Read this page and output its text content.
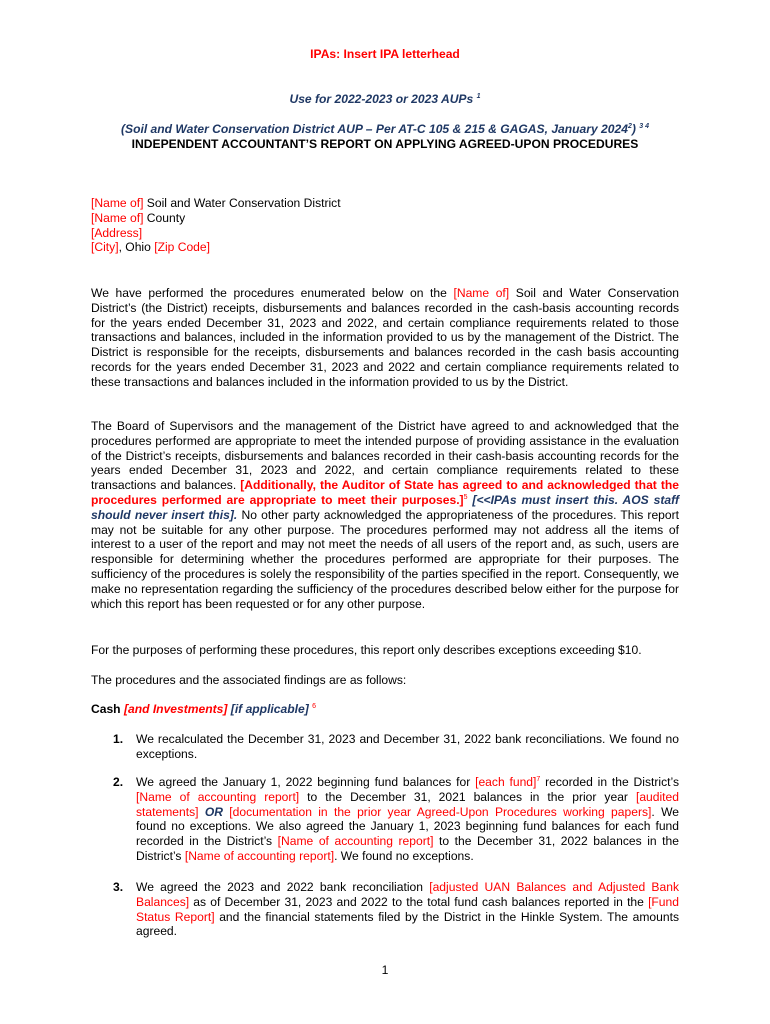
IPAs: Insert IPA letterhead
Use for 2022-2023 or 2023 AUPs $^1$
(Soil and Water Conservation District AUP – Per AT-C 105 & 215 & GAGAS, January 2024$^2$) $^{3 4}$
INDEPENDENT ACCOUNTANT’S REPORT ON APPLYING AGREED-UPON PROCEDURES
[Name of] Soil and Water Conservation District
[Name of] County
[Address]
[City], Ohio [Zip Code]
We have performed the procedures enumerated below on the [Name of] Soil and Water Conservation District’s (the District) receipts, disbursements and balances recorded in the cash-basis accounting records for the years ended December 31, 2023 and 2022, and certain compliance requirements related to those transactions and balances, included in the information provided to us by the management of the District. The District is responsible for the receipts, disbursements and balances recorded in the cash basis accounting records for the years ended December 31, 2023 and 2022 and certain compliance requirements related to these transactions and balances included in the information provided to us by the District.
The Board of Supervisors and the management of the District have agreed to and acknowledged that the procedures performed are appropriate to meet the intended purpose of providing assistance in the evaluation of the District’s receipts, disbursements and balances recorded in their cash-basis accounting records for the years ended December 31, 2023 and 2022, and certain compliance requirements related to these transactions and balances. [Additionally, the Auditor of State has agreed to and acknowledged that the procedures performed are appropriate to meet their purposes.]$^5$ [<<IPAs must insert this. AOS staff should never insert this]. No other party acknowledged the appropriateness of the procedures. This report may not be suitable for any other purpose. The procedures performed may not address all the items of interest to a user of the report and may not meet the needs of all users of the report and, as such, users are responsible for determining whether the procedures performed are appropriate for their purposes. The sufficiency of the procedures is solely the responsibility of the parties specified in the report. Consequently, we make no representation regarding the sufficiency of the procedures described below either for the purpose for which this report has been requested or for any other purpose.
For the purposes of performing these procedures, this report only describes exceptions exceeding $10.
The procedures and the associated findings are as follows:
Cash [and Investments] [if applicable] $^6$
1. We recalculated the December 31, 2023 and December 31, 2022 bank reconciliations. We found no exceptions.
2. We agreed the January 1, 2022 beginning fund balances for [each fund]$^7$ recorded in the District’s [Name of accounting report] to the December 31, 2021 balances in the prior year [audited statements] OR [documentation in the prior year Agreed-Upon Procedures working papers]. We found no exceptions. We also agreed the January 1, 2023 beginning fund balances for each fund recorded in the District’s [Name of accounting report] to the December 31, 2022 balances in the District’s [Name of accounting report]. We found no exceptions.
3. We agreed the 2023 and 2022 bank reconciliation [adjusted UAN Balances and Adjusted Bank Balances] as of December 31, 2023 and 2022 to the total fund cash balances reported in the [Fund Status Report] and the financial statements filed by the District in the Hinkle System. The amounts agreed.
1
